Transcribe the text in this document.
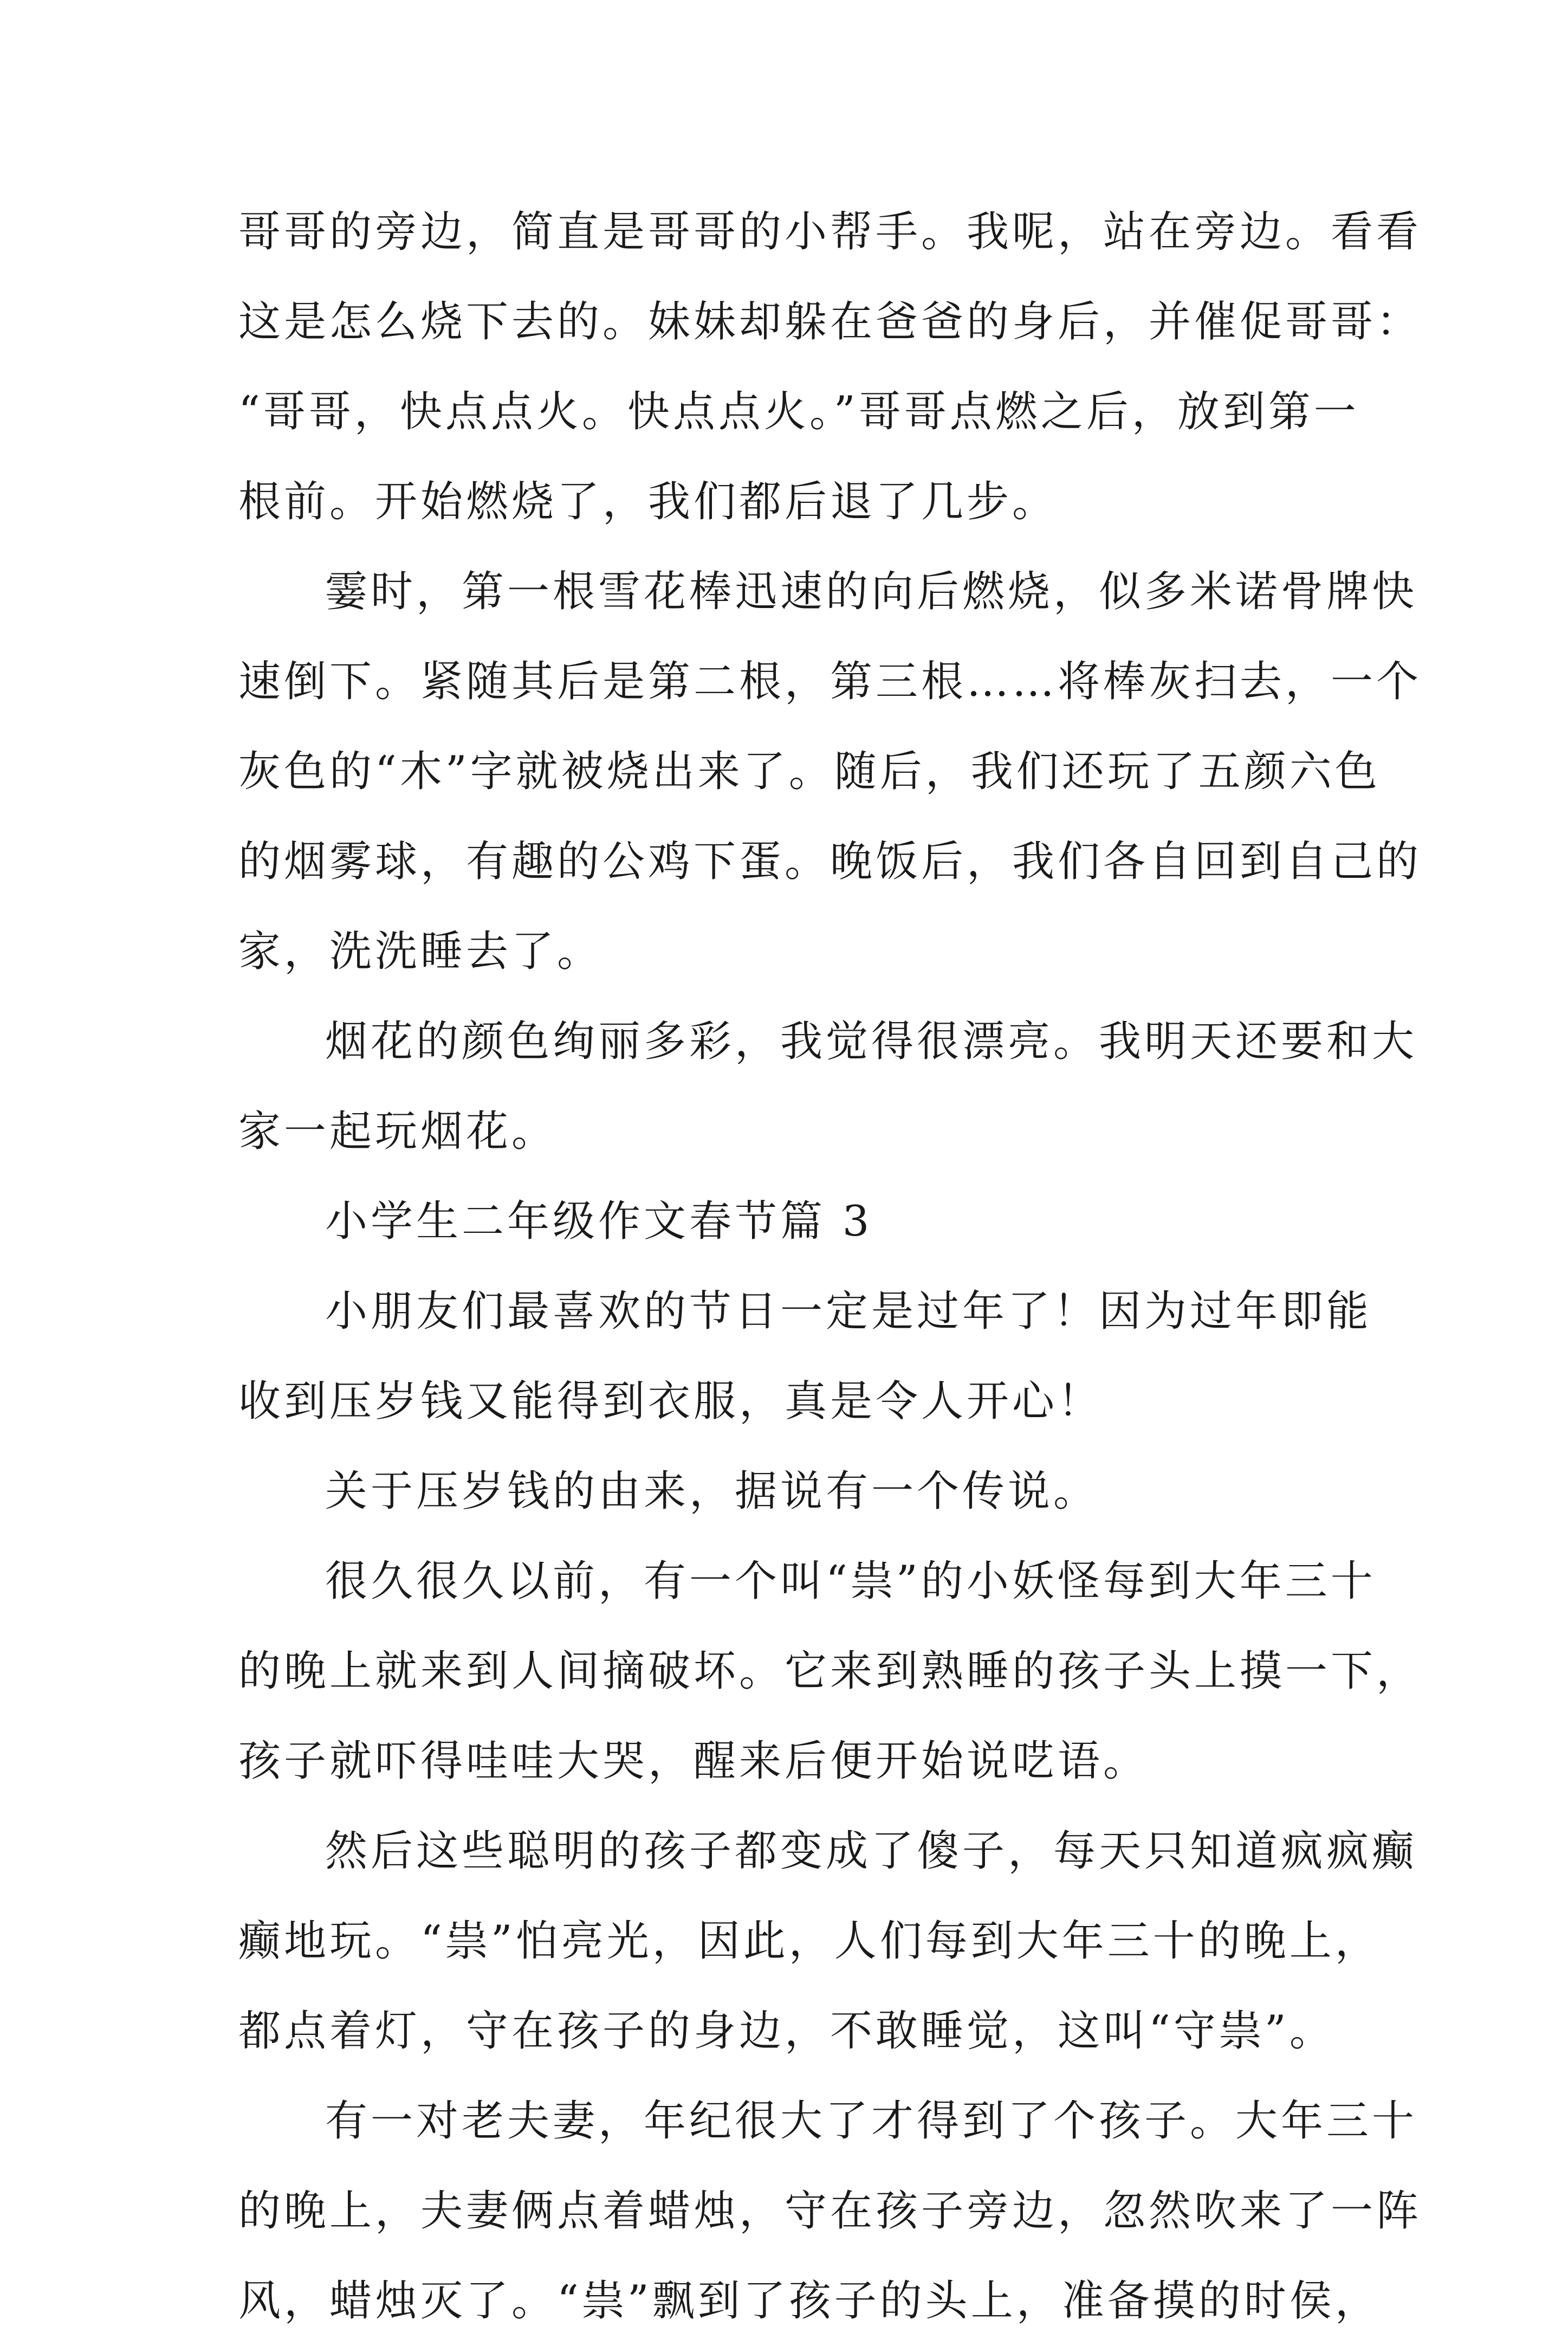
哥哥的旁边，简直是哥哥的小帮手。我呢，站在旁边。看看
这是怎么烧下去的。妹妹却躲在爸爸的身后，并催促哥哥：
“哥哥，快点点火。快点点火。”哥哥点燃之后，放到第一
根前。开始燃烧了，我们都后退了几步。
霎时，第一根雪花棒迅速的向后燃烧，似多米诺骨牌快
速倒下。紧随其后是第二根，第三根……将棒灰扫去，一个
灰色的“木”字就被烧出来了。随后，我们还玩了五颜六色
的烟雾球，有趣的公鸡下蛋。晚饭后，我们各自回到自己的
家，洗洗睡去了。
烟花的颜色绚丽多彩，我觉得很漂亮。我明天还要和大
家一起玩烟花。
小学生二年级作文春节篇 3
小朋友们最喜欢的节日一定是过年了！因为过年即能
收到压岁钱又能得到衣服，真是令人开心！
关于压岁钱的由来，据说有一个传说。
很久很久以前，有一个叫“祟”的小妖怪每到大年三十
的晚上就来到人间摘破坏。它来到熟睡的孩子头上摸一下，
孩子就吓得哇哇大哭，醒来后便开始说呓语。
然后这些聪明的孩子都变成了傻子，每天只知道疯疯癫
癫地玩。“祟”怕亮光，因此，人们每到大年三十的晚上，
都点着灯，守在孩子的身边，不敢睡觉，这叫“守祟”。
有一对老夫妻，年纪很大了才得到了个孩子。大年三十
的晚上，夫妻俩点着蜡烛，守在孩子旁边，忽然吹来了一阵
风，蜡烛灭了。“祟”飘到了孩子的头上，准备摸的时侯，
